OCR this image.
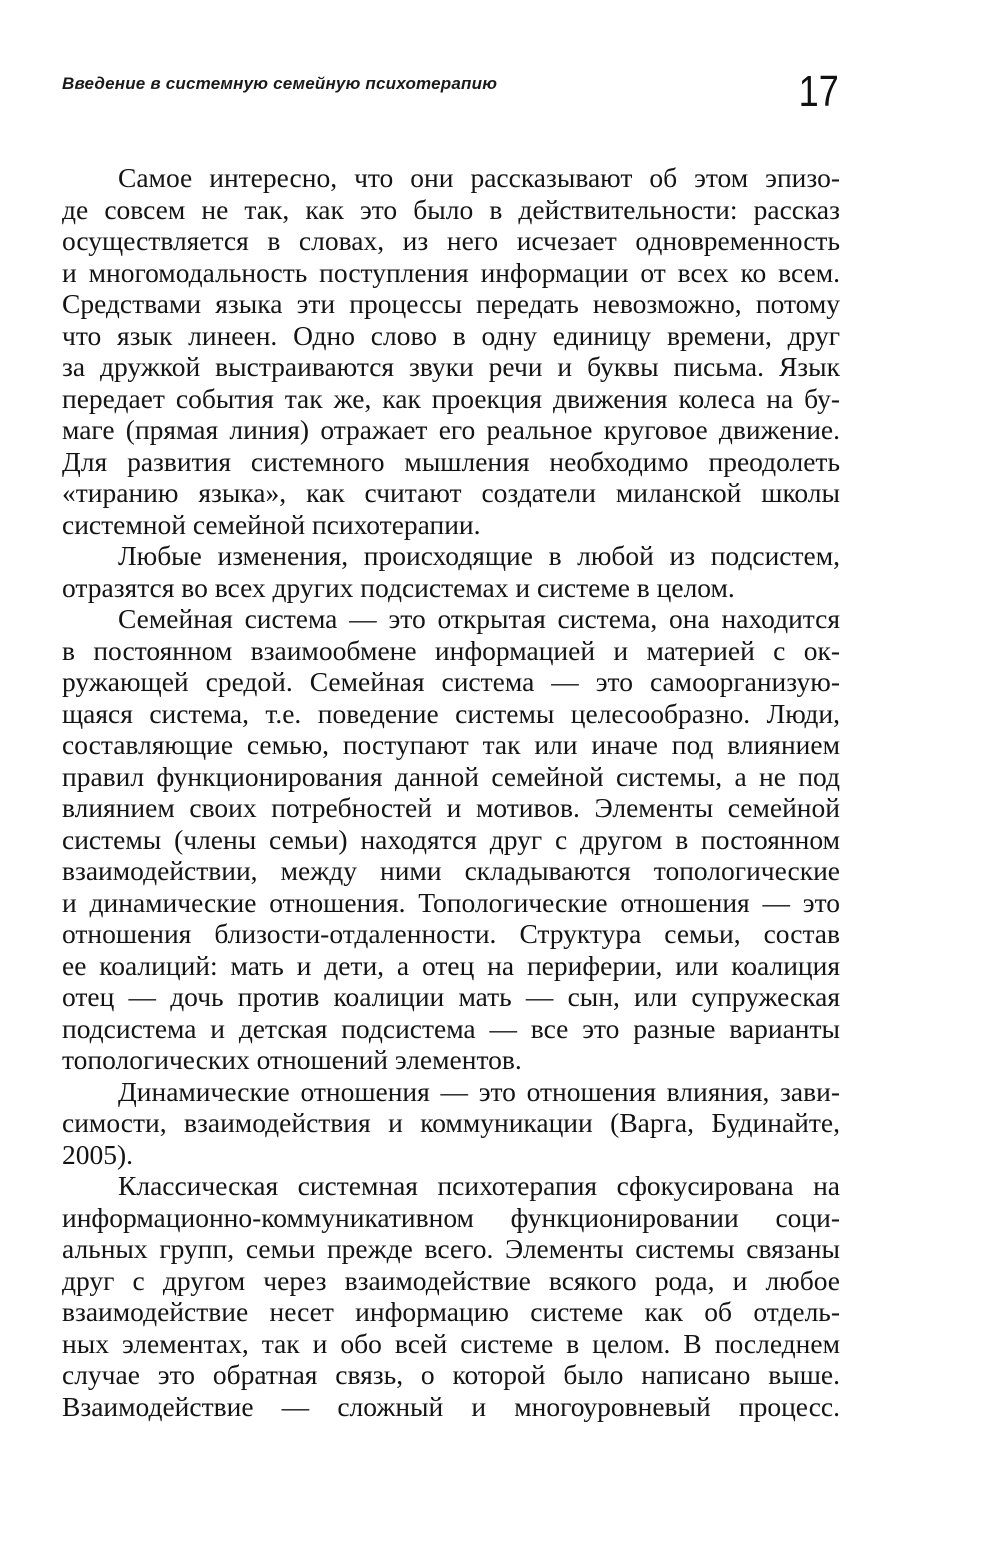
Введение в системную семейную психотерапию	17
Самое интересно, что они рассказывают об этом эпизо-
де совсем не так, как это было в действительности: рассказ
осуществляется в словах, из него исчезает одновременность
и многомодальность поступления информации от всех ко всем.
Средствами языка эти процессы передать невозможно, потому
что язык линеен. Одно слово в одну единицу времени, друг
за дружкой выстраиваются звуки речи и буквы письма. Язык
передает события так же, как проекция движения колеса на бу-
маге (прямая линия) отражает его реальное круговое движение.
Для развития системного мышления необходимо преодолеть
«тиранию языка», как считают создатели миланской школы
системной семейной психотерапии.
Любые изменения, происходящие в любой из подсистем,
отразятся во всех других подсистемах и системе в целом.
Семейная система — это открытая система, она находится
в постоянном взаимообмене информацией и материей с ок-
ружающей средой. Семейная система — это самоорганизую-
щаяся система, т.е. поведение системы целесообразно. Люди,
составляющие семью, поступают так или иначе под влиянием
правил функционирования данной семейной системы, а не под
влиянием своих потребностей и мотивов. Элементы семейной
системы (члены семьи) находятся друг с другом в постоянном
взаимодействии, между ними складываются топологические
и динамические отношения. Топологические отношения — это
отношения близости-отдаленности. Структура семьи, состав
ее коалиций: мать и дети, а отец на периферии, или коалиция
отец — дочь против коалиции мать — сын, или супружеская
подсистема и детская подсистема — все это разные варианты
топологических отношений элементов.
Динамические отношения — это отношения влияния, зави-
симости, взаимодействия и коммуникации (Варга, Будинайте,
2005).
Классическая системная психотерапия сфокусирована на
информационно-коммуникативном функционировании соци-
альных групп, семьи прежде всего. Элементы системы связаны
друг с другом через взаимодействие всякого рода, и любое
взаимодействие несет информацию системе как об отдель-
ных элементах, так и обо всей системе в целом. В последнем
случае это обратная связь, о которой было написано выше.
Взаимодействие — сложный и многоуровневый процесс.
